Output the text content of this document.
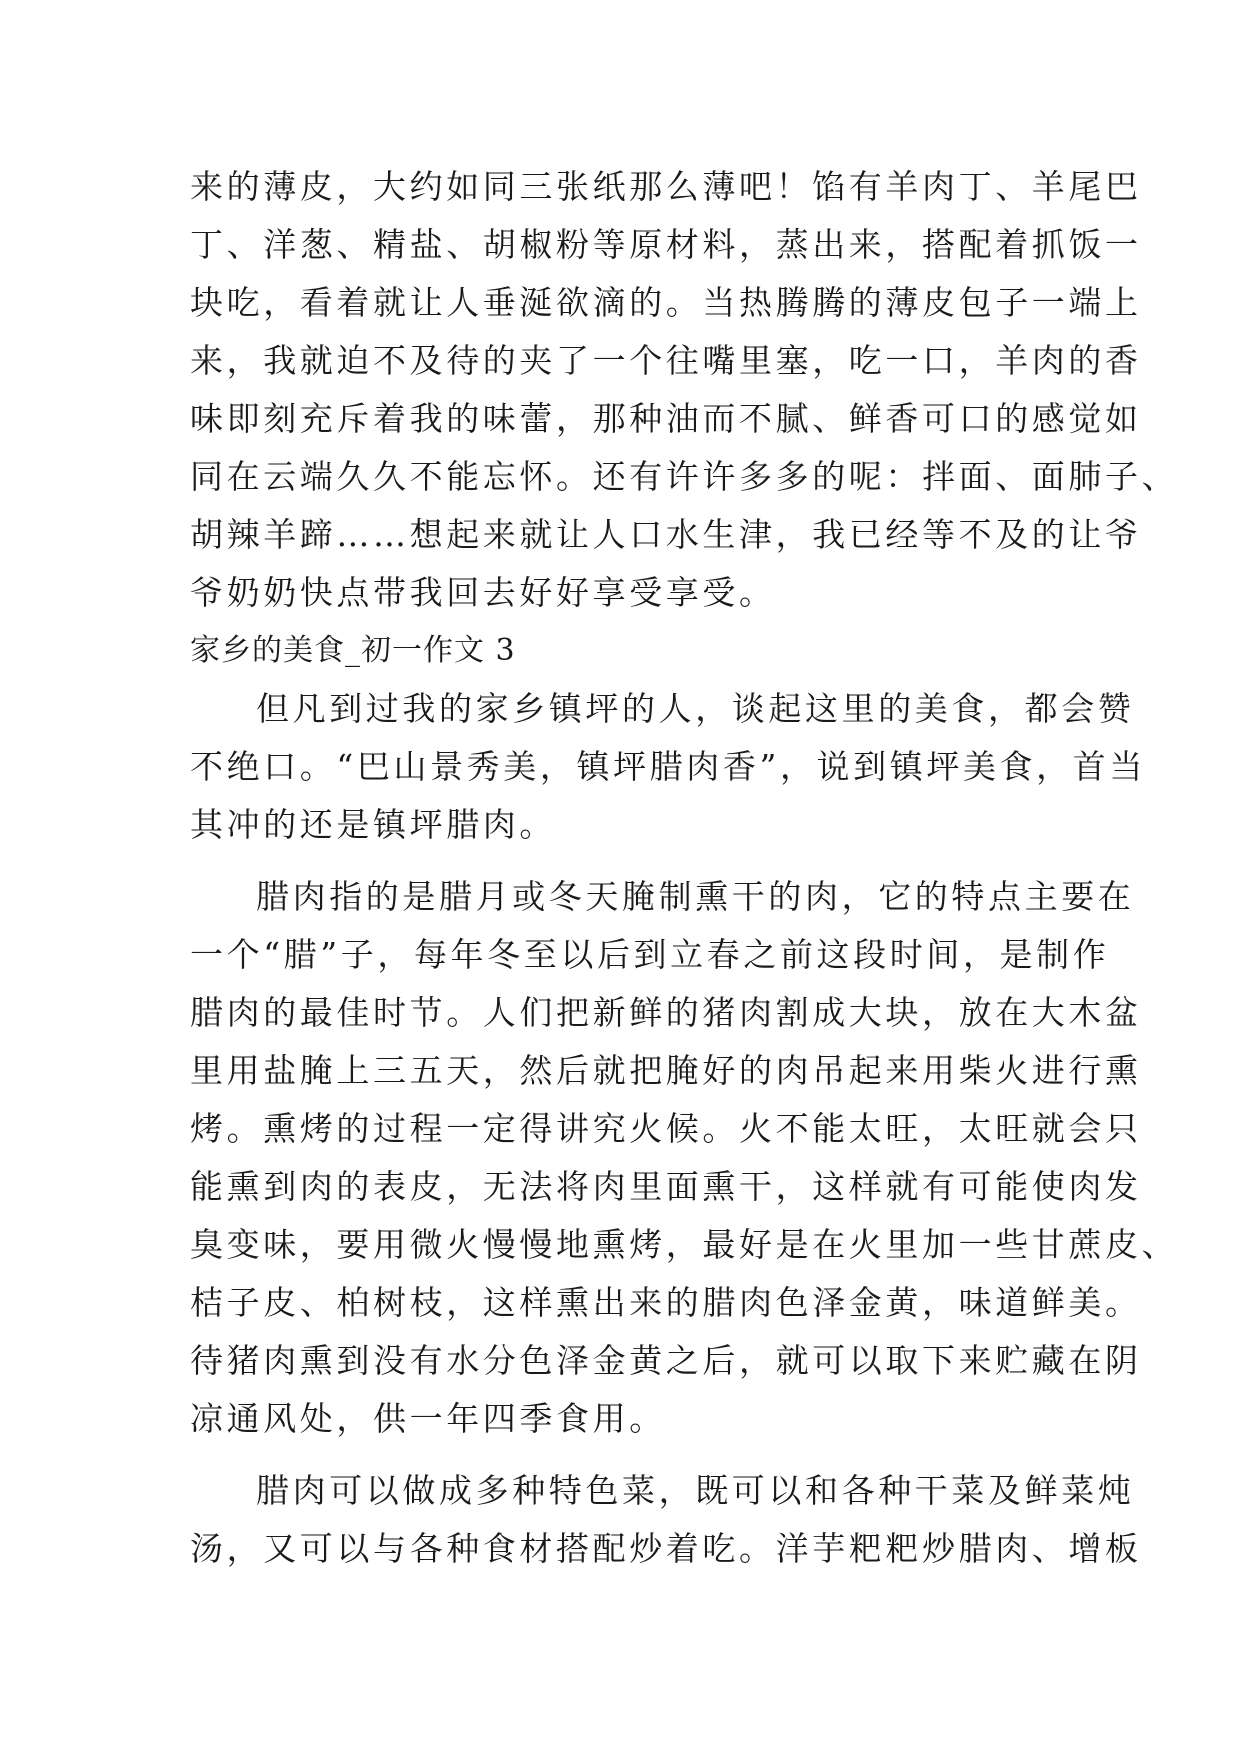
来的薄皮，大约如同三张纸那么薄吧！馅有羊肉丁、羊尾巴
丁、洋葱、精盐、胡椒粉等原材料，蒸出来，搭配着抓饭一
块吃，看着就让人垂涎欲滴的。当热腾腾的薄皮包子一端上
来，我就迫不及待的夹了一个往嘴里塞，吃一口，羊肉的香
味即刻充斥着我的味蕾，那种油而不腻、鲜香可口的感觉如
同在云端久久不能忘怀。还有许许多多的呢：拌面、面肺子、
胡辣羊蹄……想起来就让人口水生津，我已经等不及的让爷
爷奶奶快点带我回去好好享受享受。
家乡的美食_初一作文 3
但凡到过我的家乡镇坪的人，谈起这里的美食，都会赞
不绝口。“巴山景秀美，镇坪腊肉香”，说到镇坪美食，首当
其冲的还是镇坪腊肉。
腊肉指的是腊月或冬天腌制熏干的肉，它的特点主要在
一个“腊”子，每年冬至以后到立春之前这段时间，是制作
腊肉的最佳时节。人们把新鲜的猪肉割成大块，放在大木盆
里用盐腌上三五天，然后就把腌好的肉吊起来用柴火进行熏
烤。熏烤的过程一定得讲究火候。火不能太旺，太旺就会只
能熏到肉的表皮，无法将肉里面熏干，这样就有可能使肉发
臭变味，要用微火慢慢地熏烤，最好是在火里加一些甘蔗皮、
桔子皮、柏树枝，这样熏出来的腊肉色泽金黄，味道鲜美。
待猪肉熏到没有水分色泽金黄之后，就可以取下来贮藏在阴
凉通风处，供一年四季食用。
腊肉可以做成多种特色菜，既可以和各种干菜及鲜菜炖
汤，又可以与各种食材搭配炒着吃。洋芋粑粑炒腊肉、增板
